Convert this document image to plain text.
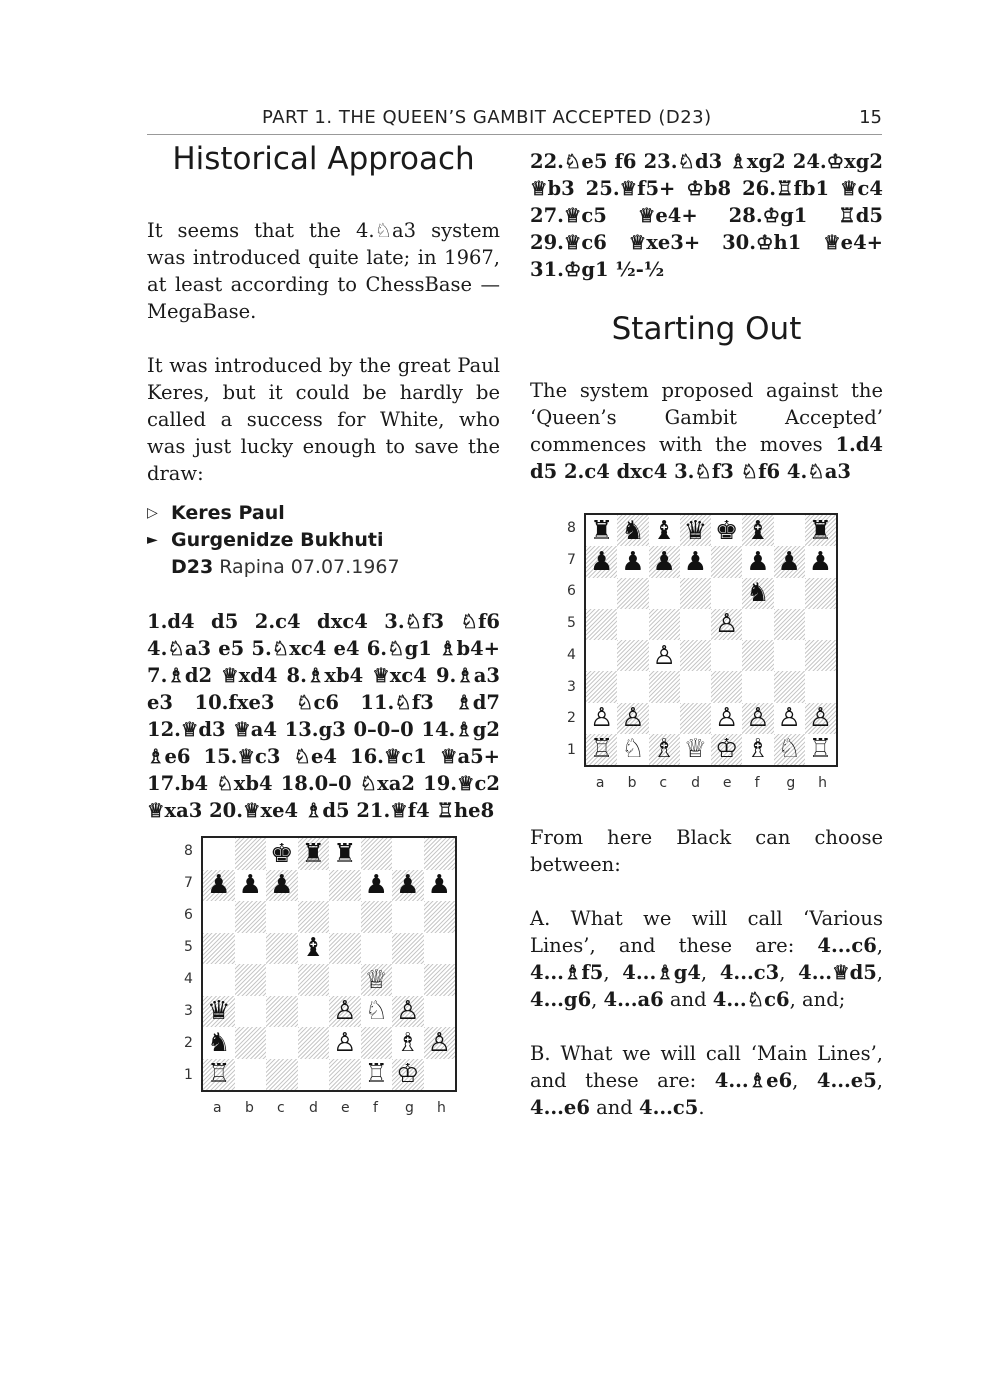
PART 1. THE QUEEN’S GAMBIT ACCEPTED (D23)	15
Historical Approach

It seems that the 4.♘a3 system was introduced quite late; in 1967, at least according to ChessBase — MegaBase.

It was introduced by the great Paul Keres, but it could be hardly be called a success for White, who was just lucky enough to save the draw:

▷ Keres Paul
► Gurgenidze Bukhuti
D23 Rapina 07.07.1967

1.d4 d5 2.c4 dxc4 3.♘f3 ♘f6 4.♘a3 e5 5.♘xc4 e4 6.♘g1 ♗b4+ 7.♗d2 ♕xd4 8.♗xb4 ♕xc4 9.♗a3 e3 10.fxe3 ♘c6 11.♘f3 ♗d7 12.♕d3 ♕a4 13.g3 0–0–0 14.♗g2 ♗e6 15.♕c3 ♘e4 16.♕c1 ♕a5+ 17.b4 ♘xb4 18.0–0 ♘xa2 19.♕c2 ♕xa3 20.♕xe4 ♗d5 21.♕f4 ♖he8

22.♘e5 f6 23.♘d3 ♗xg2 24.♔xg2 ♕b3 25.♕f5+ ♔b8 26.♖fb1 ♕c4 27.♕c5 ♕e4+ 28.♔g1 ♖d5 29.♕c6 ♕xe3+ 30.♔h1 ♕e4+ 31.♔g1 ½-½

Starting Out

The system proposed against the ‘Queen’s Gambit Accepted’ commences with the moves 1.d4 d5 2.c4 dxc4 3.♘f3 ♘f6 4.♘a3

From here Black can choose between:

A. What we will call ‘Various Lines’, and these are: 4...c6, 4...♗f5, 4...♗g4, 4...c3, 4...♕d5, 4...g6, 4...a6 and 4...♘c6, and;

B. What we will call ‘Main Lines’, and these are: 4...♗e6, 4...e5, 4...e6 and 4...c5.

♜ ♞ ♝ ♛ ♚ ♝ ♜
♟ ♟ ♟ ♟ ♟ ♟ ♟
♞
♙
♙
♙ ♙	♙ ♙ ♙ ♙
♖ ♘ ♗ ♕ ♔ ♗ ♘ ♖
8
7
6
5
4
3
2
1
a b c d e f g h
♚ ♜ ♜
♟ ♟ ♟	♟ ♟ ♟
♝
♕
♛	♙ ♘ ♙
♞	♙ ♗ ♙
♖	♖ ♔
8
7
6
5
4
3
2
1
a b c d e f g h
